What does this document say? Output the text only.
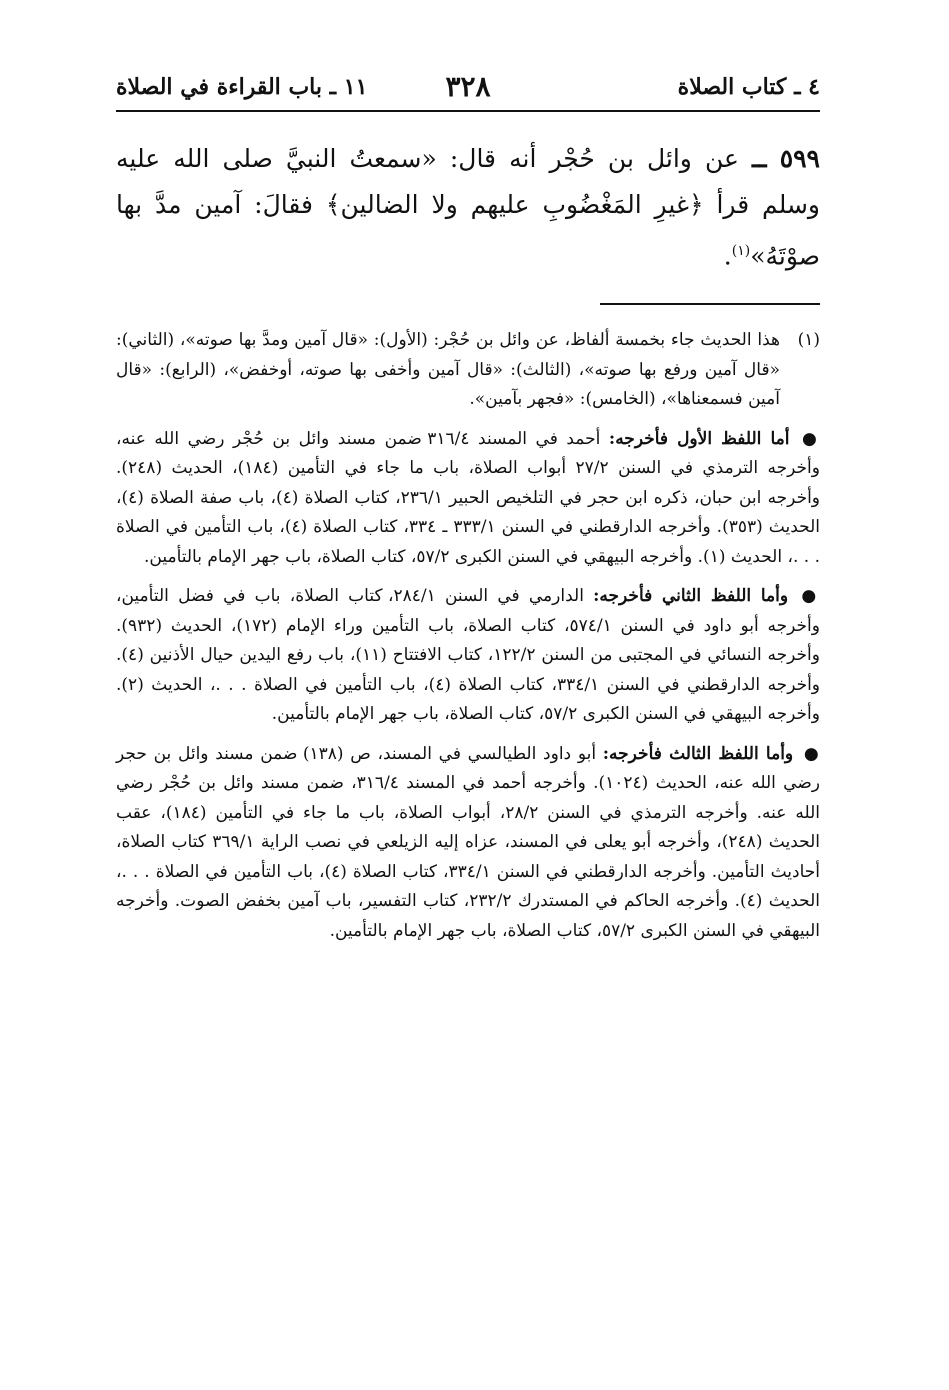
٤ ـ كتاب الصلاة
٣٢٨
١١ ـ باب القراءة في الصلاة
٥٩٩ ــ عن وائل بن حُجْر أنه قال: «سمعتُ النبيَّ صلى الله عليه وسلم قرأ ﴿غيرِ المَغْضُوبِ عليهم ولا الضالين﴾ فقالَ: آمين مدَّ بها صوْتَهُ»$^{(١)}$.
(١)
هذا الحديث جاء بخمسة ألفاظ، عن وائل بن حُجْر: (الأول): «قال آمين ومدَّ بها صوته»، (الثاني): «قال آمين ورفع بها صوته»، (الثالث): «قال آمين وأخفى بها صوته، أوخفض»، (الرابع): «قال آمين فسمعناها»، (الخامس): «فجهر بآمين».

● أما اللفظ الأول فأخرجه: أحمد في المسند ٣١٦/٤ ضمن مسند وائل بن حُجْر رضي الله عنه، وأخرجه الترمذي في السنن ٢٧/٢ أبواب الصلاة، باب ما جاء في التأمين (١٨٤)، الحديث (٢٤٨). وأخرجه ابن حبان، ذكره ابن حجر في التلخيص الحبير ٢٣٦/١، كتاب الصلاة (٤)، باب صفة الصلاة (٤)، الحديث (٣٥٣). وأخرجه الدارقطني في السنن ٣٣٣/١ ـ ٣٣٤، كتاب الصلاة (٤)، باب التأمين في الصلاة . . .، الحديث (١). وأخرجه البيهقي في السنن الكبرى ٥٧/٢، كتاب الصلاة، باب جهر الإمام بالتأمين.

● وأما اللفظ الثاني فأخرجه: الدارمي في السنن ٢٨٤/١، كتاب الصلاة، باب في فضل التأمين، وأخرجه أبو داود في السنن ٥٧٤/١، كتاب الصلاة، باب التأمين وراء الإمام (١٧٢)، الحديث (٩٣٢). وأخرجه النسائي في المجتبى من السنن ١٢٢/٢، كتاب الافتتاح (١١)، باب رفع اليدين حيال الأذنين (٤). وأخرجه الدارقطني في السنن ٣٣٤/١، كتاب الصلاة (٤)، باب التأمين في الصلاة . . .، الحديث (٢). وأخرجه البيهقي في السنن الكبرى ٥٧/٢، كتاب الصلاة، باب جهر الإمام بالتأمين.

● وأما اللفظ الثالث فأخرجه: أبو داود الطيالسي في المسند، ص (١٣٨) ضمن مسند وائل بن حجر رضي الله عنه، الحديث (١٠٢٤). وأخرجه أحمد في المسند ٣١٦/٤، ضمن مسند وائل بن حُجْر رضي الله عنه. وأخرجه الترمذي في السنن ٢٨/٢، أبواب الصلاة، باب ما جاء في التأمين (١٨٤)، عقب الحديث (٢٤٨)، وأخرجه أبو يعلى في المسند، عزاه إليه الزيلعي في نصب الراية ٣٦٩/١ كتاب الصلاة، أحاديث التأمين. وأخرجه الدارقطني في السنن ٣٣٤/١، كتاب الصلاة (٤)، باب التأمين في الصلاة . . .، الحديث (٤). وأخرجه الحاكم في المستدرك ٢٣٢/٢، كتاب التفسير، باب آمين بخفض الصوت. وأخرجه البيهقي في السنن الكبرى ٥٧/٢، كتاب الصلاة، باب جهر الإمام بالتأمين.
